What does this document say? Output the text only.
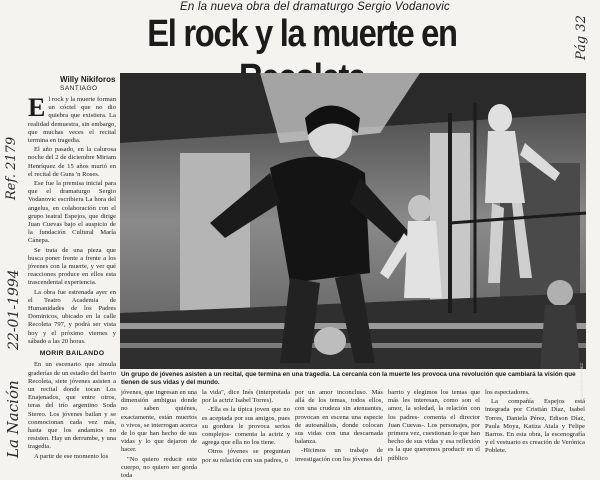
En la nueva obra del dramaturgo Sergio Vodanovic
El rock y la muerte en
Willy Nikiforos
SANTIAGO

El rock y la muerte forman un cóctel que no dio quiebra que existiera. La realidad demuestra, sin embargo, que muchas veces el recital termina en tragedia.

El año pasado, en la calurosa noche del 2 de diciembre Miriam Henríquez de 15 años murió en el recital de Guns 'n Roses.

Ese fue la premisa inicial para que el dramaturgo Sergio Vodanovic escribiera La hora del angelus, en colaboración con el grupo teatral Espejos, que dirige Juan Cuevas bajo el auspicio de la fundación Cultural María Cánepa.

Se trata de una pieza que busca poner frente a frente a los jóvenes con la muerte, y ver qué reacciones produce en ellos esta trascendental experiencia.

La obra fue estrenada ayer en el Teatro Academia de Humanidades de los Padres Dominicos, ubicado en la calle Recoleta 797, y podrá ser vista hoy y el próximo viernes y sábado a las 20 horas.

MORIR BAILANDO

En un escenario que simula graderías de un estadio del barrio Recoleta, siete jóvenes asisten a un recital donde tocan Los Enajenados, que entre otros, teras del trío argentino Soda Stereo. Los jóvenes bailan y se conmocionan cada vez más, hasta que los andamios no resisten. Hay un derrumbe, y una tragedia.

A partir de ese momento los

MAURICIO GÓMEZ
Un grupo de jóvenes asisten a un recital, que termina en una tragedia. La cercanía con la muerte les provoca una revolución que cambiará la visión que tienen de sus vidas y del mundo.

jóvenes, que ingresan en una dimensión ambigua donde no saben quiénes, exactamente, están muertos o vivos, se interrogan acerca de lo que han hecho de sus vidas y lo que dejaron de hacer.

"No quiero reducir este cuerpo, no quiero ser gorda toda

la vida", dice Inés (interpretada por la actriz Isabel Torres).

-Ella es la típica joven que no es aceptada por sus amigos, pues su gordura le provoca serios complejos- comenta la actriz y agrega que ella no los tiene.

Otros jóvenes se preguntan por su relación con sus padres, o

por un amor inconcluso. Más allá de los temas, todos ellos, con una crudeza sin atenuantes, provocan en escena una especie de autoanálisis, donde colocan sus vidas con una descarnada balanza.

-Hicimos un trabajo de investigación con los jóvenes del

barrio y elegimos los temas que más les interesan, como son el amor, la soledad, la relación con los padres- comenta el director Juan Cuevas-. Los personajes, por primera vez, cuestionan lo que han hecho de sus vidas y esa reflexión es la que queremos producir en el público

los espectadores.

La compañía Espejos está integrada por Cristián Díaz, Isabel Torres, Daniela Pérez, Edison Díaz, Paula Moya, Katiza Atala y Felipe Barros. En esta obra, la escenografía y el vestuario es creación de Verónica Poblete.

Ref. 2179
22-01-1994
La Nación
Pág 32
